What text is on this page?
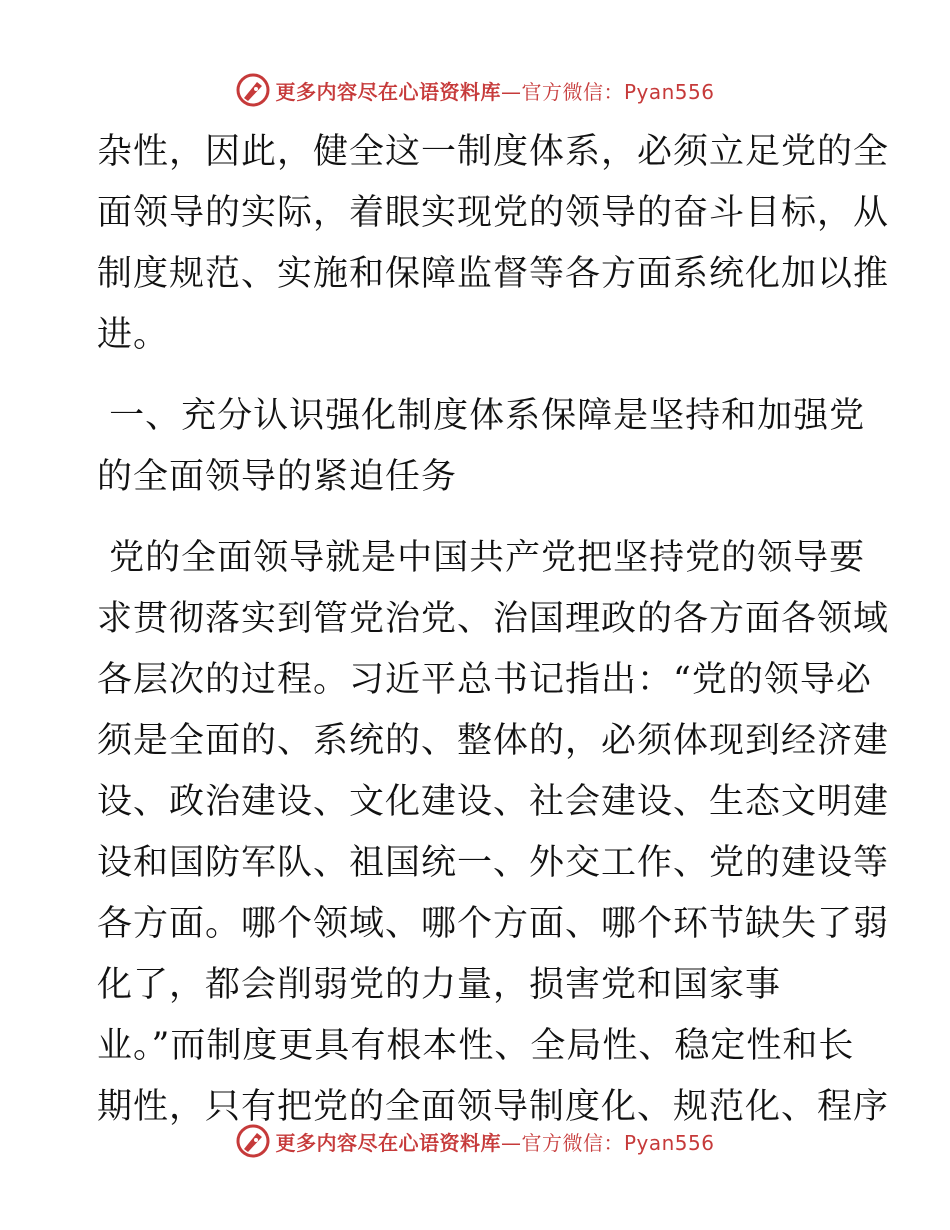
更多内容尽在心语资料库—官方微信：Pyan556
杂性，因此，健全这一制度体系，必须立足党的全
面领导的实际，着眼实现党的领导的奋斗目标，从
制度规范、实施和保障监督等各方面系统化加以推
进。
一、充分认识强化制度体系保障是坚持和加强党
的全面领导的紧迫任务
党的全面领导就是中国共产党把坚持党的领导要
求贯彻落实到管党治党、治国理政的各方面各领域
各层次的过程。习近平总书记指出：“党的领导必
须是全面的、系统的、整体的，必须体现到经济建
设、政治建设、文化建设、社会建设、生态文明建
设和国防军队、祖国统一、外交工作、党的建设等
各方面。哪个领域、哪个方面、哪个环节缺失了弱
化了，都会削弱党的力量，损害党和国家事
业。”而制度更具有根本性、全局性、稳定性和长
期性，只有把党的全面领导制度化、规范化、程序
更多内容尽在心语资料库—官方微信：Pyan556
